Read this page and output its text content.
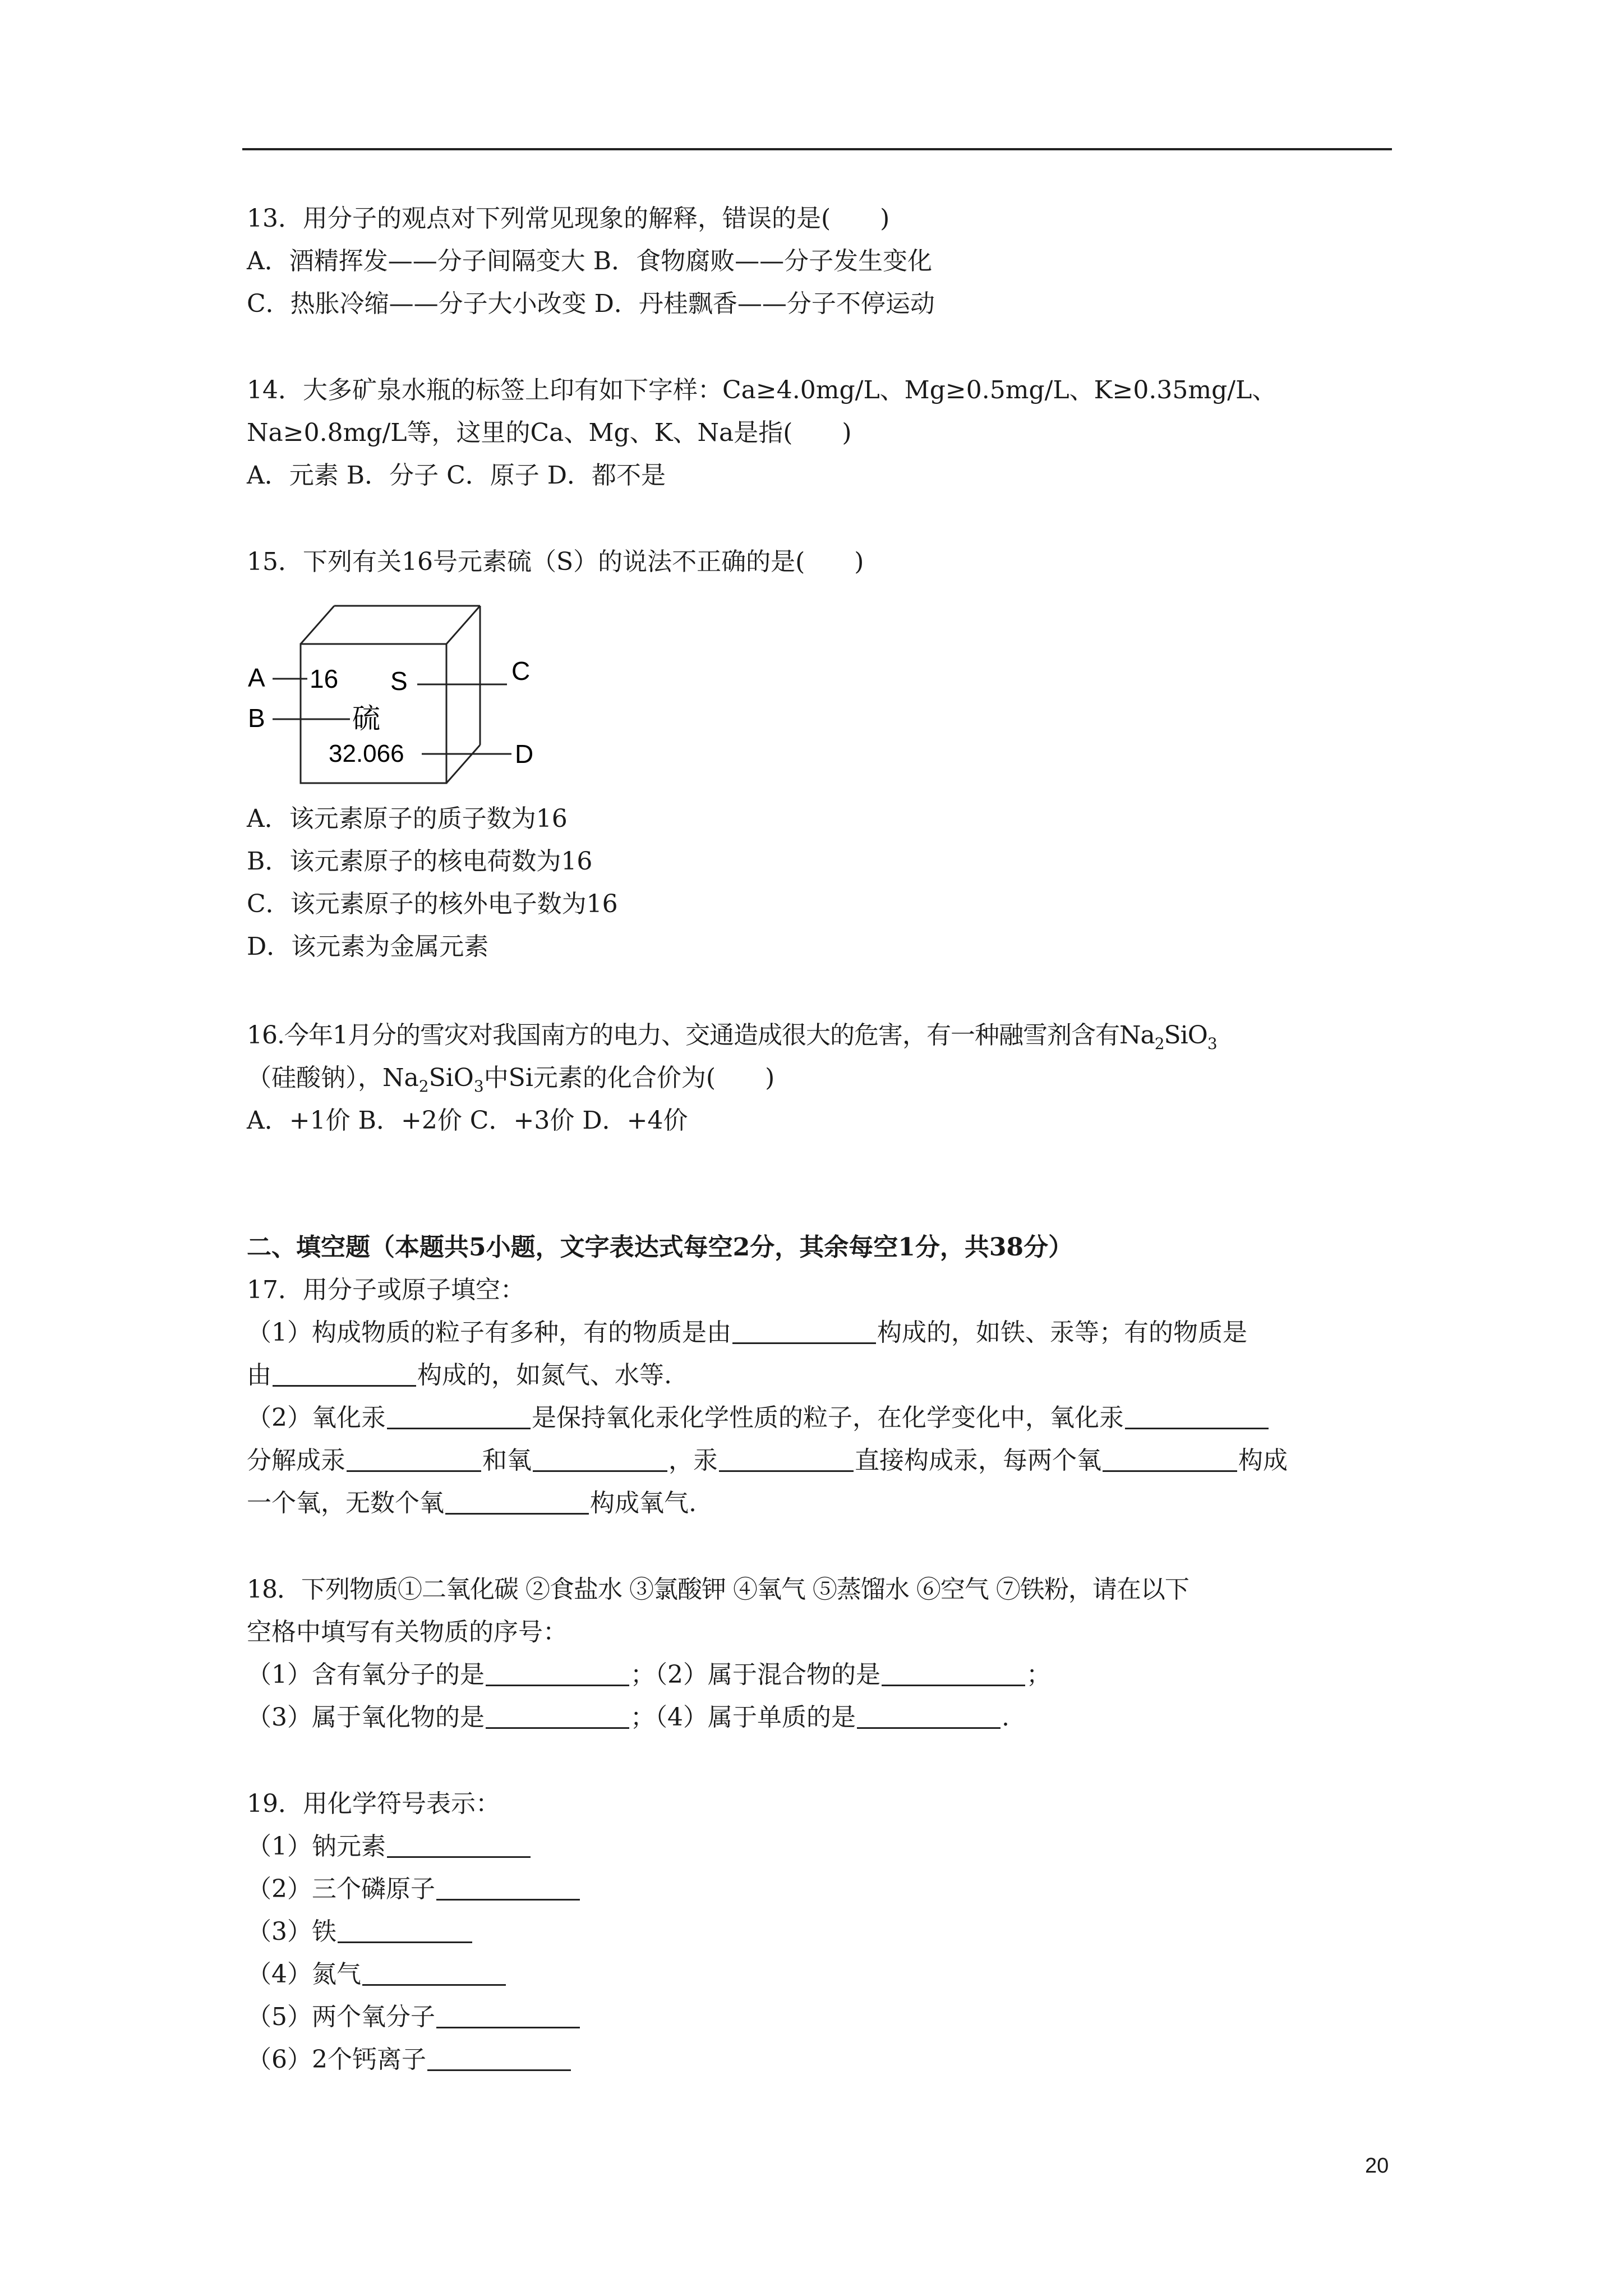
13．用分子的观点对下列常见现象的解释，错误的是(　　)
A．酒精挥发——分子间隔变大 B．食物腐败——分子发生变化
C．热胀冷缩——分子大小改变 D．丹桂飘香——分子不停运动
14．大多矿泉水瓶的标签上印有如下字样：Ca≥4.0mg/L、Mg≥0.5mg/L、K≥0.35mg/L、
Na≥0.8mg/L等，这里的Ca、Mg、K、Na是指(　　)
A．元素 B．分子 C．原子 D．都不是
15．下列有关16号元素硫（S）的说法不正确的是(　　)
A
B
C
D
16 S
硫
32.066
A．该元素原子的质子数为16
B．该元素原子的核电荷数为16
C．该元素原子的核外电子数为16
D．该元素为金属元素
16.今年1月分的雪灾对我国南方的电力、交通造成很大的危害，有一种融雪剂含有$Na_2SiO_3$
（硅酸钠），$Na_2SiO_3$中Si元素的化合价为(　　)
A．+1价 B．+2价 C．+3价 D．+4价
二、填空题（本题共5小题，文字表达式每空2分，其余每空1分，共38分）
17．用分子或原子填空：
（1）构成物质的粒子有多种，有的物质是由	构成的，如铁、汞等；有的物质是
由	构成的，如氮气、水等.
（2）氧化汞	是保持氧化汞化学性质的粒子，在化学变化中，氧化汞
分解成汞	和氧	，汞	直接构成汞，每两个氧	构成
一个氧，无数个氧	构成氧气.
18．下列物质①二氧化碳 ②食盐水 ③氯酸钾 ④氧气 ⑤蒸馏水 ⑥空气 ⑦铁粉，请在以下
空格中填写有关物质的序号：
（1）含有氧分子的是	；（2）属于混合物的是	；
（3）属于氧化物的是	；（4）属于单质的是	.
19．用化学符号表示：
（1）钠元素
（2）三个磷原子
（3）铁
（4）氮气
（5）两个氧分子
（6）2个钙离子
20
